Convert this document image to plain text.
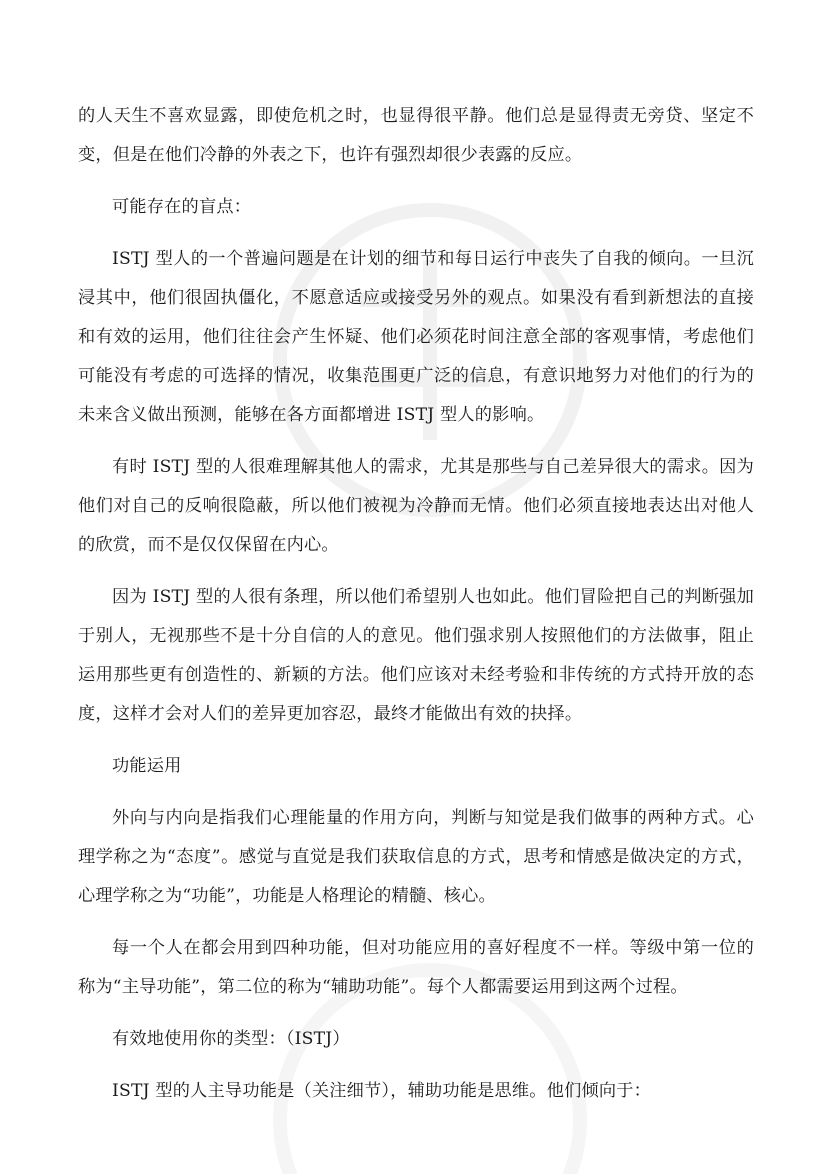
的人天生不喜欢显露，即使危机之时，也显得很平静。他们总是显得责无旁贷、坚定不变，但是在他们冷静的外表之下，也许有强烈却很少表露的反应。

可能存在的盲点：

ISTJ 型人的一个普遍问题是在计划的细节和每日运行中丧失了自我的倾向。一旦沉浸其中，他们很固执僵化，不愿意适应或接受另外的观点。如果没有看到新想法的直接和有效的运用，他们往往会产生怀疑、他们必须花时间注意全部的客观事情，考虑他们可能没有考虑的可选择的情况，收集范围更广泛的信息，有意识地努力对他们的行为的未来含义做出预测，能够在各方面都增进 ISTJ 型人的影响。

有时 ISTJ 型的人很难理解其他人的需求，尤其是那些与自己差异很大的需求。因为他们对自己的反响很隐蔽，所以他们被视为冷静而无情。他们必须直接地表达出对他人的欣赏，而不是仅仅保留在内心。

因为 ISTJ 型的人很有条理，所以他们希望别人也如此。他们冒险把自己的判断强加于别人，无视那些不是十分自信的人的意见。他们强求别人按照他们的方法做事，阻止运用那些更有创造性的、新颖的方法。他们应该对未经考验和非传统的方式持开放的态度，这样才会对人们的差异更加容忍，最终才能做出有效的抉择。

功能运用

外向与内向是指我们心理能量的作用方向，判断与知觉是我们做事的两种方式。心理学称之为“态度”。感觉与直觉是我们获取信息的方式，思考和情感是做决定的方式，心理学称之为“功能”，功能是人格理论的精髓、核心。

每一个人在都会用到四种功能，但对功能应用的喜好程度不一样。等级中第一位的称为“主导功能”，第二位的称为“辅助功能”。每个人都需要运用到这两个过程。

有效地使用你的类型：（ISTJ）

ISTJ 型的人主导功能是（关注细节），辅助功能是思维。他们倾向于：
